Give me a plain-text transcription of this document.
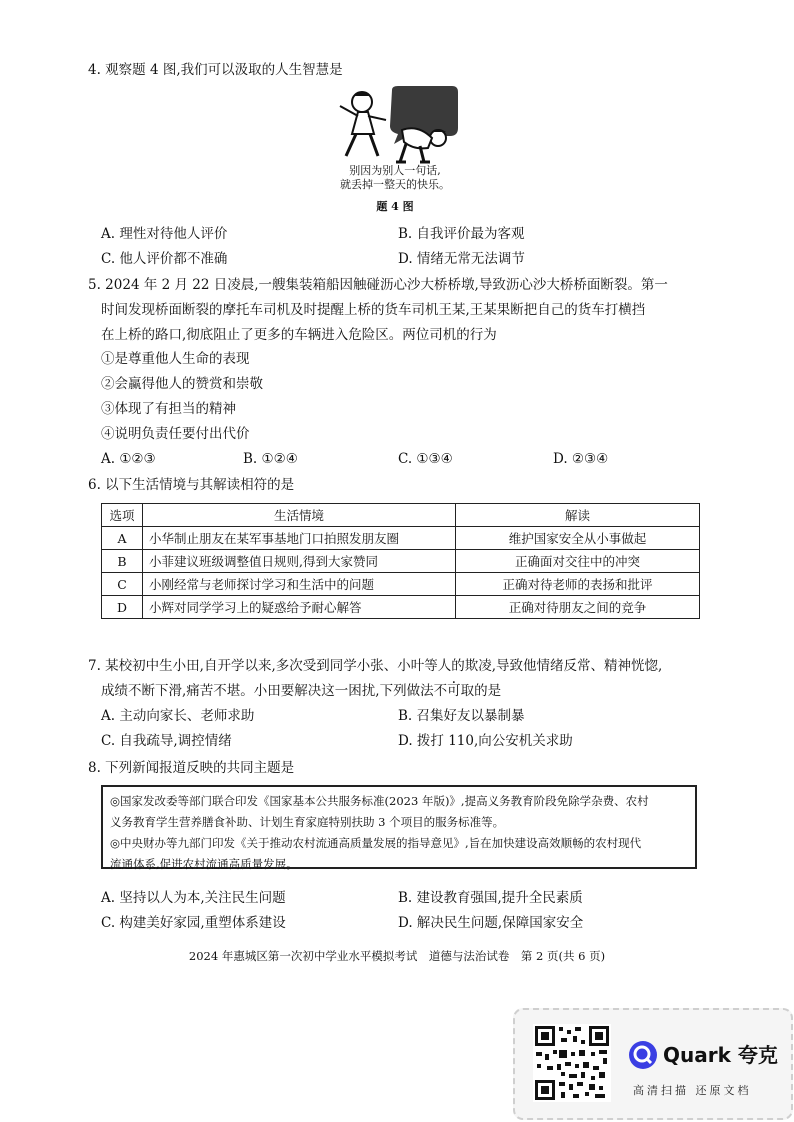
4. 观察题 4 图,我们可以汲取的人生智慧是
别因为别人一句话,
就丢掉一整天的快乐。
题 4 图
A. 理性对待他人评价	B. 自我评价最为客观
C. 他人评价都不准确	D. 情绪无常无法调节
5. 2024 年 2 月 22 日凌晨,一艘集装箱船因触碰沥心沙大桥桥墩,导致沥心沙大桥桥面断裂。第一
时间发现桥面断裂的摩托车司机及时提醒上桥的货车司机王某,王某果断把自己的货车打横挡
在上桥的路口,彻底阻止了更多的车辆进入危险区。两位司机的行为
①是尊重他人生命的表现
②会赢得他人的赞赏和崇敬
③体现了有担当的精神
④说明负责任要付出代价
A. ①②③	B. ①②④	C. ①③④	D. ②③④
6. 以下生活情境与其解读相符的是
选项	生活情境	解读
A	小华制止朋友在某军事基地门口拍照发朋友圈	维护国家安全从小事做起
B	小菲建议班级调整值日规则,得到大家赞同	正确面对交往中的冲突
C	小刚经常与老师探讨学习和生活中的问题	正确对待老师的表扬和批评
D	小辉对同学学习上的疑惑给予耐心解答	正确对待朋友之间的竞争
7. 某校初中生小田,自开学以来,多次受到同学小张、小叶等人的欺凌,导致他情绪反常、精神恍惚,
成绩不断下滑,痛苦不堪。小田要解决这一困扰,下列做法不可取的是
A. 主动向家长、老师求助	B. 召集好友以暴制暴
C. 自我疏导,调控情绪	D. 拨打 110,向公安机关求助
8. 下列新闻报道反映的共同主题是
◎国家发改委等部门联合印发《国家基本公共服务标准(2023 年版)》,提高义务教育阶段免除学杂费、农村
义务教育学生营养膳食补助、计划生育家庭特别扶助 3 个项目的服务标准等。
◎中央财办等九部门印发《关于推动农村流通高质量发展的指导意见》,旨在加快建设高效顺畅的农村现代
流通体系,促进农村流通高质量发展。
A. 坚持以人为本,关注民生问题	B. 建设教育强国,提升全民素质
C. 构建美好家园,重塑体系建设	D. 解决民生问题,保障国家安全
2024 年惠城区第一次初中学业水平模拟考试　道德与法治试卷　第 2 页(共 6 页)
Quark 夸克
高清扫描 还原文档
